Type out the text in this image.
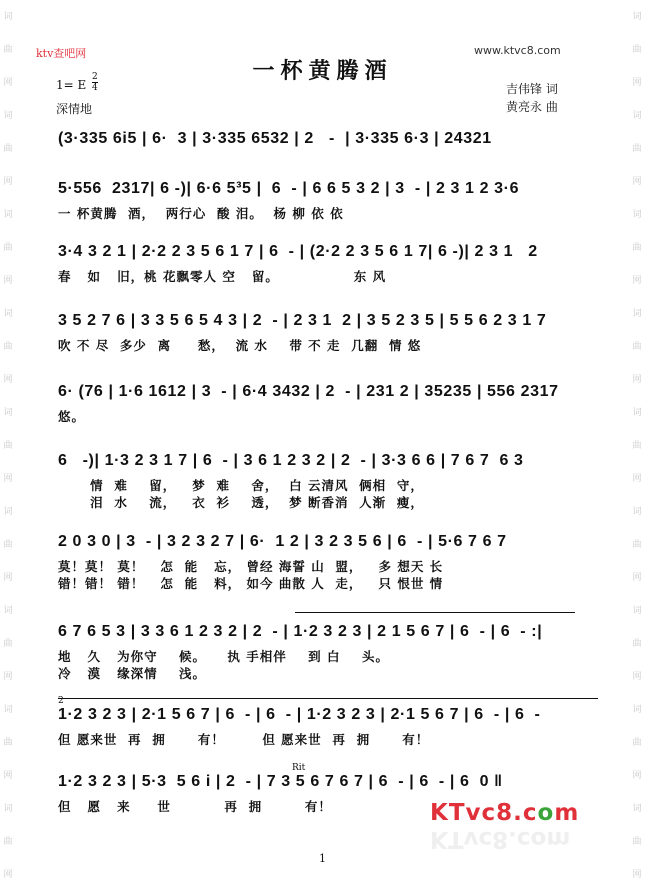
词
曲
网
词
曲
网
词
曲
网
词
曲
网
词
曲
网
词
曲
网
词
曲
网
词
曲
网
词
曲
网
词
曲
网
词
曲
网
词
曲
网
词
曲
网
词
曲
网
词
曲
网
词
曲
网
词
曲
网
词
曲
网
ktv查吧网	www.ktvc8.com
一杯黄腾酒
1= E
2
4
深情地
吉伟锋 词
黄亮永 曲
(3·335 6i5 | 6·  3 | 3·335 6532 | 2   -  | 3·335 6·3 | 24321
5·556  2317| 6 -)| 6·6 5³5 |  6  - | 6 6 5 3 2 | 3  - | 2 3 1 2 3·6
一 杯黄腾  酒，  两行心  酸 泪。  杨 柳 依 依
3·4 3 2 1 | 2·2 2 3 5 6 1 7 | 6  - | (2·2 2 3 5 6 1 7| 6 -)| 2 3 1   2
春   如   旧，桃 花飘零人 空   留。              东 风
3 5 2 7 6 | 3 3 5 6 5 4 3 | 2  - | 2 3 1  2 | 3 5 2 3 5 | 5 5 6 2 3 1 7
吹 不 尽  多少  离     愁，  流 水    带 不 走  几翻  情 悠
6· (76 | 1·6 1612 | 3  - | 6·4 3432 | 2  - | 231 2 | 35235 | 556 2317
悠。
6   -)| 1·3 2 3 1 7 | 6  - | 3 6 1 2 3 2 | 2  - | 3·3 6 6 | 7 6 7  6 3
情  难    留，   梦  难    舍，  白 云清风  俩相  守，
泪  水    流，   衣  衫    透，  梦 断香消  人渐  瘦，
2 0 3 0 | 3  - | 3 2 3 2 7 | 6·  1 2 | 3 2 3 5 6 | 6  - | 5·6 7 6 7
莫！莫！ 莫！   怎  能   忘， 曾经 海誓 山  盟，   多 想天 长
错！错！ 错！   怎  能   料， 如今 曲散 人  走，   只 恨世 情
6 7 6 5 3 | 3 3 6 1 2 3 2 | 2  - | 1·2 3 2 3 | 2 1 5 6 7 | 6  - | 6  - :|
地   久   为你守    候。    执 手相伴    到 白    头。
冷   漠   缘深情    浅。
1·2 3 2 3 | 2·1 5 6 7 | 6  - | 6  - | 1·2 3 2 3 | 2·1 5 6 7 | 6  - | 6  -
但 愿来世  再  拥      有！       但 愿来世  再  拥      有！
1·2 3 2 3 | 5·3  5 6 i | 2  - | 7 3 5 6 7 6 7 | 6  - | 6  - | 6  0 ‖
但   愿   来     世          再  拥        有！
2
Rit
KTvc8.com
KTvc8.com
1
